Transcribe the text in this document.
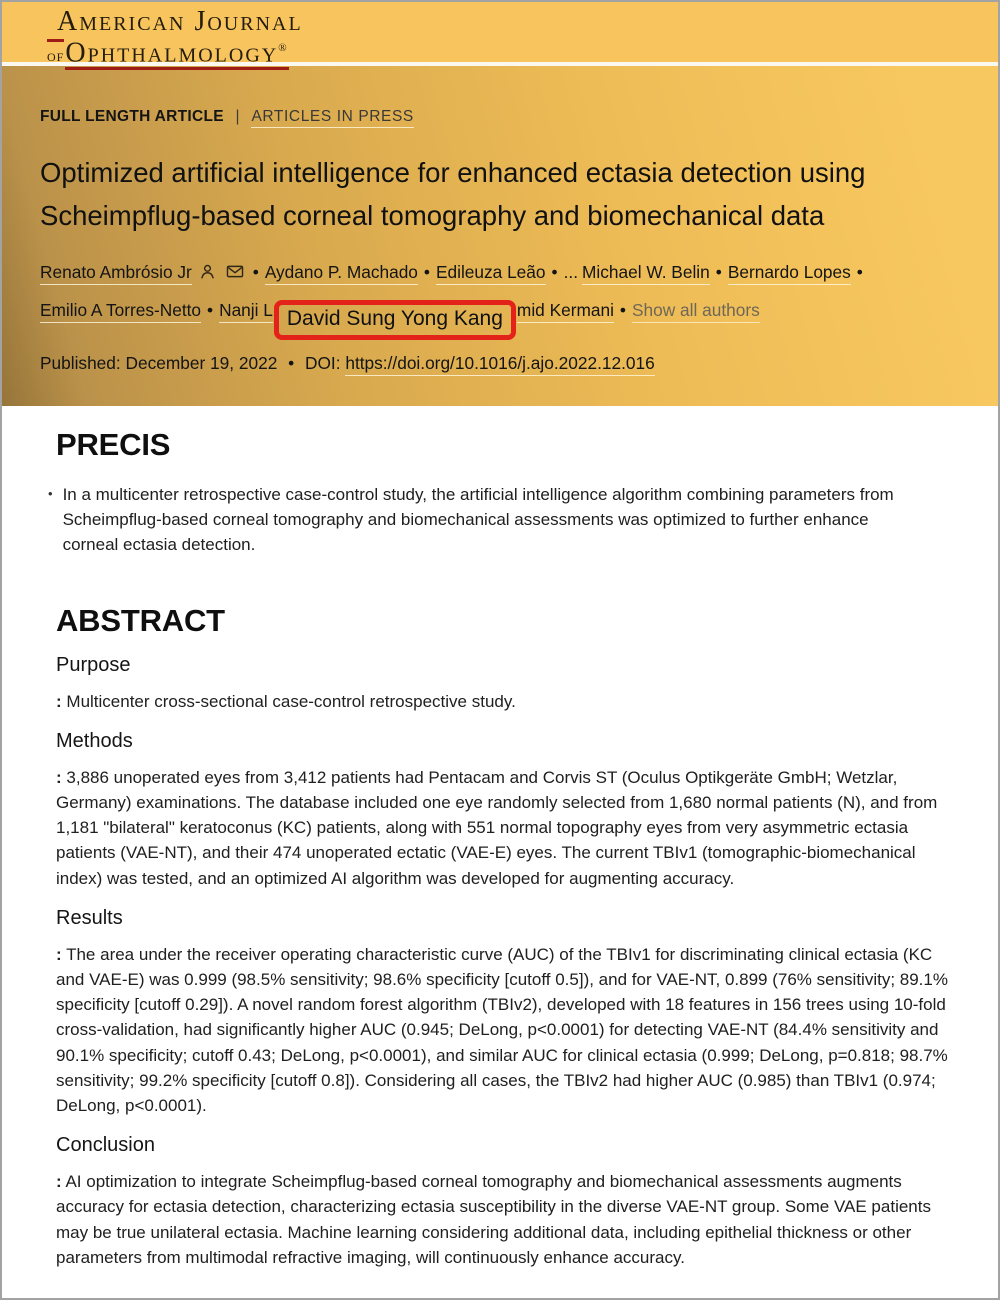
American Journal
of Ophthalmology®
FULL LENGTH ARTICLE | ARTICLES IN PRESS
Optimized artificial intelligence for enhanced ectasia detection using Scheimpflug-based corneal tomography and biomechanical data
Renato Ambrósio Jr	• Aydano P. Machado • Edileuza Leão • ... Michael W. Belin • Bernardo Lopes •
Emilio A Torres-Netto • Nanji L David Sung Yong Kang mid Kermani • Show all authors
Published: December 19, 2022 • DOI: https://doi.org/10.1016/j.ajo.2022.12.016
PRECIS
• In a multicenter retrospective case-control study, the artificial intelligence algorithm combining parameters from Scheimpflug-based corneal tomography and biomechanical assessments was optimized to further enhance corneal ectasia detection.

ABSTRACT
Purpose

: Multicenter cross-sectional case-control retrospective study.

Methods

: 3,886 unoperated eyes from 3,412 patients had Pentacam and Corvis ST (Oculus Optikgeräte GmbH; Wetzlar, Germany) examinations. The database included one eye randomly selected from 1,680 normal patients (N), and from 1,181 "bilateral" keratoconus (KC) patients, along with 551 normal topography eyes from very asymmetric ectasia patients (VAE-NT), and their 474 unoperated ectatic (VAE-E) eyes. The current TBIv1 (tomographic-biomechanical index) was tested, and an optimized AI algorithm was developed for augmenting accuracy.

Results

: The area under the receiver operating characteristic curve (AUC) of the TBIv1 for discriminating clinical ectasia (KC and VAE-E) was 0.999 (98.5% sensitivity; 98.6% specificity [cutoff 0.5]), and for VAE-NT, 0.899 (76% sensitivity; 89.1% specificity [cutoff 0.29]). A novel random forest algorithm (TBIv2), developed with 18 features in 156 trees using 10-fold cross-validation, had significantly higher AUC (0.945; DeLong, p<0.0001) for detecting VAE-NT (84.4% sensitivity and 90.1% specificity; cutoff 0.43; DeLong, p<0.0001), and similar AUC for clinical ectasia (0.999; DeLong, p=0.818; 98.7% sensitivity; 99.2% specificity [cutoff 0.8]). Considering all cases, the TBIv2 had higher AUC (0.985) than TBIv1 (0.974; DeLong, p<0.0001).

Conclusion

: AI optimization to integrate Scheimpflug-based corneal tomography and biomechanical assessments augments accuracy for ectasia detection, characterizing ectasia susceptibility in the diverse VAE-NT group. Some VAE patients may be true unilateral ectasia. Machine learning considering additional data, including epithelial thickness or other parameters from multimodal refractive imaging, will continuously enhance accuracy.
